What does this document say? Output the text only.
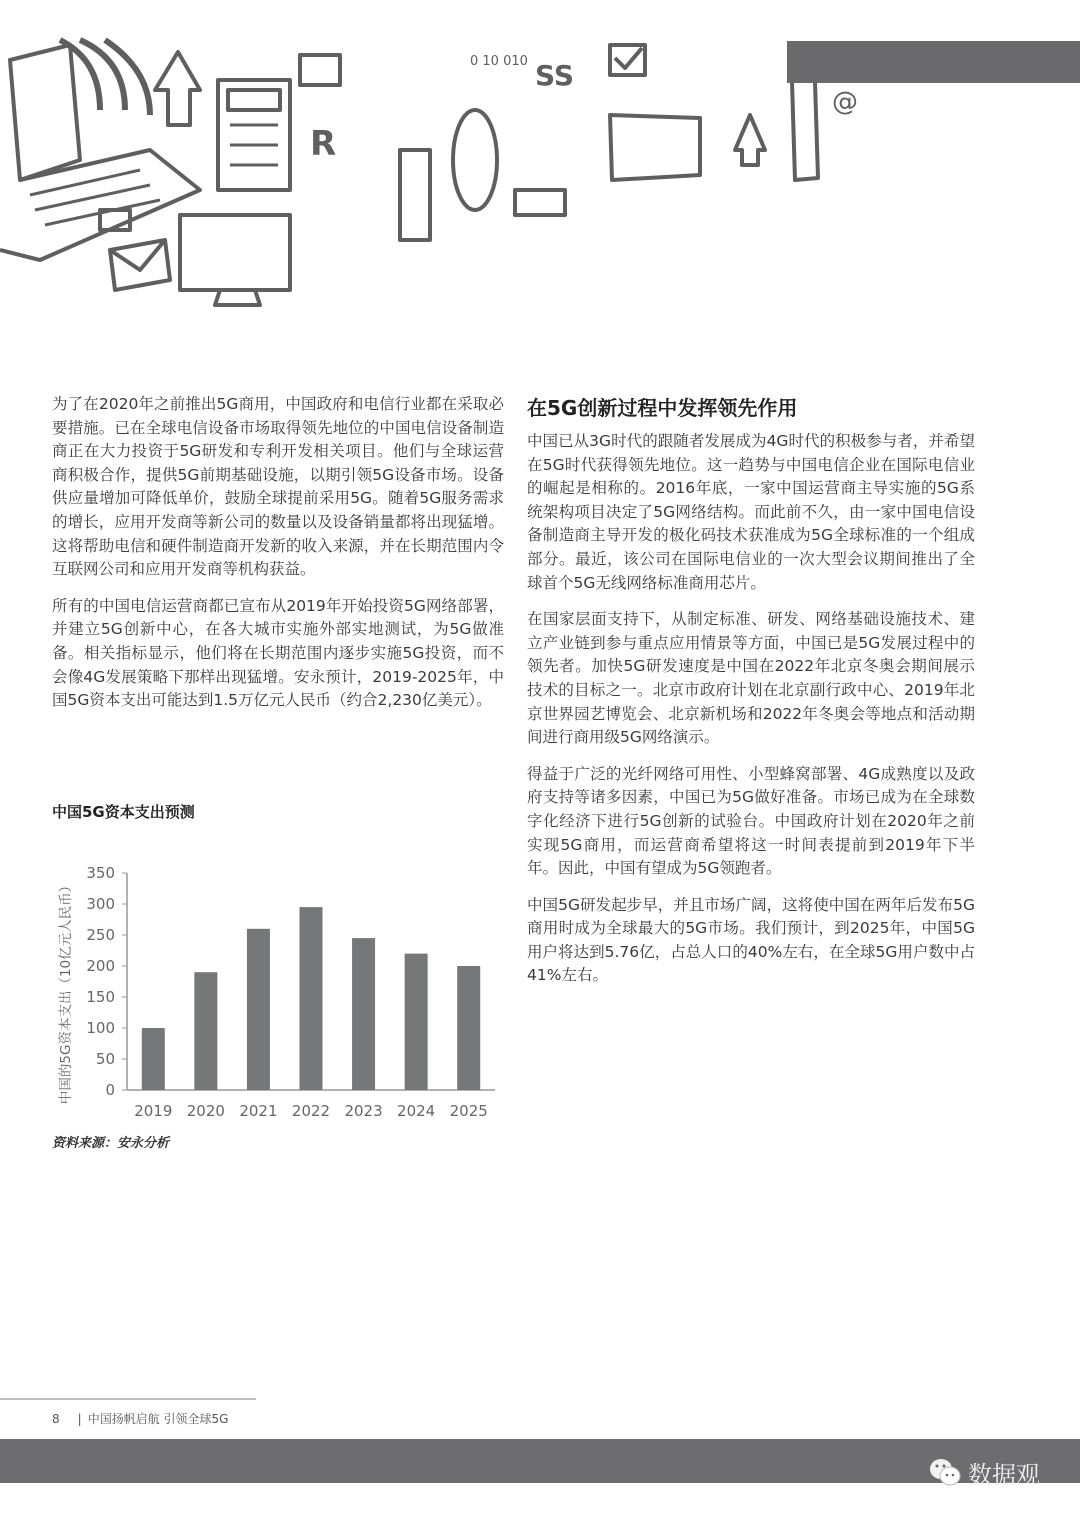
R
0 10 010 SS
@

为了在2020年之前推出5G商用，中国政府和电信行业都在采取必要措施。已在全球电信设备市场取得领先地位的中国电信设备制造商正在大力投资于5G研发和专利开发相关项目。他们与全球运营商积极合作，提供5G前期基础设施，以期引领5G设备市场。设备供应量增加可降低单价，鼓励全球提前采用5G。随着5G服务需求的增长，应用开发商等新公司的数量以及设备销量都将出现猛增。这将帮助电信和硬件制造商开发新的收入来源，并在长期范围内令互联网公司和应用开发商等机构获益。

所有的中国电信运营商都已宣布从2019年开始投资5G网络部署，并建立5G创新中心，在各大城市实施外部实地测试，为5G做准备。相关指标显示，他们将在长期范围内逐步实施5G投资，而不会像4G发展策略下那样出现猛增。安永预计，2019-2025年，中国5G资本支出可能达到1.5万亿元人民币（约合2,230亿美元）。

在5G创新过程中发挥领先作用

中国已从3G时代的跟随者发展成为4G时代的积极参与者，并希望在5G时代获得领先地位。这一趋势与中国电信企业在国际电信业的崛起是相称的。2016年底，一家中国运营商主导实施的5G系统架构项目决定了5G网络结构。而此前不久，由一家中国电信设备制造商主导开发的极化码技术获准成为5G全球标准的一个组成部分。最近，该公司在国际电信业的一次大型会议期间推出了全球首个5G无线网络标准商用芯片。

在国家层面支持下，从制定标准、研发、网络基础设施技术、建立产业链到参与重点应用情景等方面，中国已是5G发展过程中的领先者。加快5G研发速度是中国在2022年北京冬奥会期间展示技术的目标之一。北京市政府计划在北京副行政中心、2019年北京世界园艺博览会、北京新机场和2022年冬奥会等地点和活动期间进行商用级5G网络演示。

得益于广泛的光纤网络可用性、小型蜂窝部署、4G成熟度以及政府支持等诸多因素，中国已为5G做好准备。市场已成为在全球数字化经济下进行5G创新的试验台。中国政府计划在2020年之前实现5G商用，而运营商希望将这一时间表提前到2019年下半年。因此，中国有望成为5G领跑者。

中国5G研发起步早，并且市场广阔，这将使中国在两年后发布5G商用时成为全球最大的5G市场。我们预计，到2025年，中国5G用户将达到5.76亿，占总人口的40%左右，在全球5G用户数中占41%左右。

中国5G资本支出预测
0
50
100
150
200
250
300
350
2019 2020 2021 2022 2023 2024 2025
中国的5G资本支出（10亿元人民币）
资料来源：安永分析
8 | 中国扬帆启航 引领全球5G
数据观
